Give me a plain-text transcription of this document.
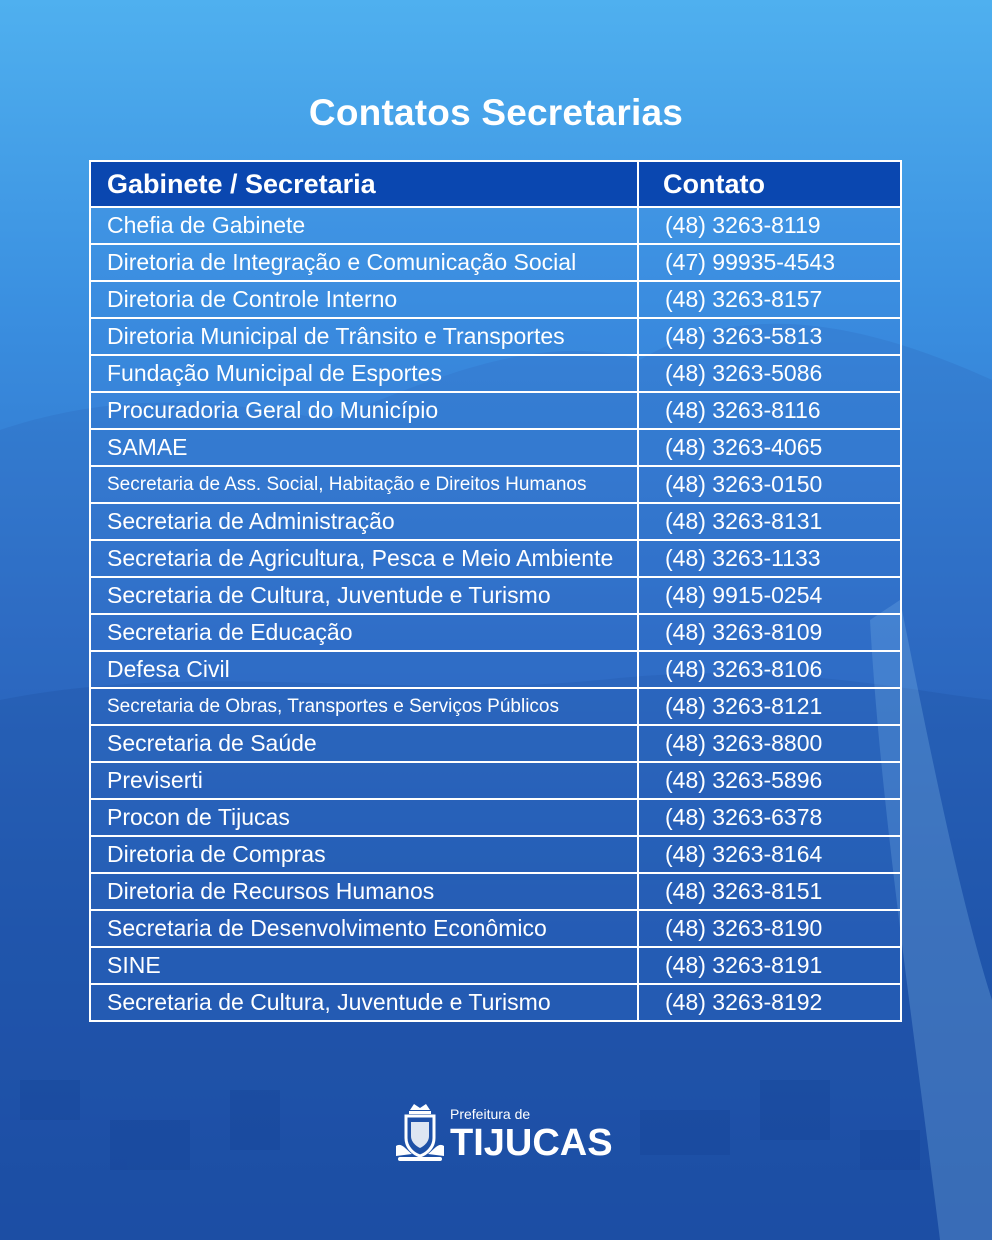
Contatos Secretarias
Gabinete / Secretaria	Contato
Chefia de Gabinete	(48) 3263-8119
Diretoria de Integração e Comunicação Social	(47) 99935-4543
Diretoria de Controle Interno	(48) 3263-8157
Diretoria Municipal de Trânsito e Transportes	(48) 3263-5813
Fundação Municipal de Esportes	(48) 3263-5086
Procuradoria Geral do Município	(48) 3263-8116
SAMAE	(48) 3263-4065
Secretaria de Ass. Social, Habitação e Direitos Humanos	(48) 3263-0150
Secretaria de Administração	(48) 3263-8131
Secretaria de Agricultura, Pesca e Meio Ambiente	(48) 3263-1133
Secretaria de Cultura, Juventude e Turismo	(48) 9915-0254
Secretaria de Educação	(48) 3263-8109
Defesa Civil	(48) 3263-8106
Secretaria de Obras, Transportes e Serviços Públicos	(48) 3263-8121
Secretaria de Saúde	(48) 3263-8800
Previserti	(48) 3263-5896
Procon de Tijucas	(48) 3263-6378
Diretoria de Compras	(48) 3263-8164
Diretoria de Recursos Humanos	(48) 3263-8151
Secretaria de Desenvolvimento Econômico	(48) 3263-8190
SINE	(48) 3263-8191
Secretaria de Cultura, Juventude e Turismo	(48) 3263-8192
Prefeitura de
TIJUCAS
